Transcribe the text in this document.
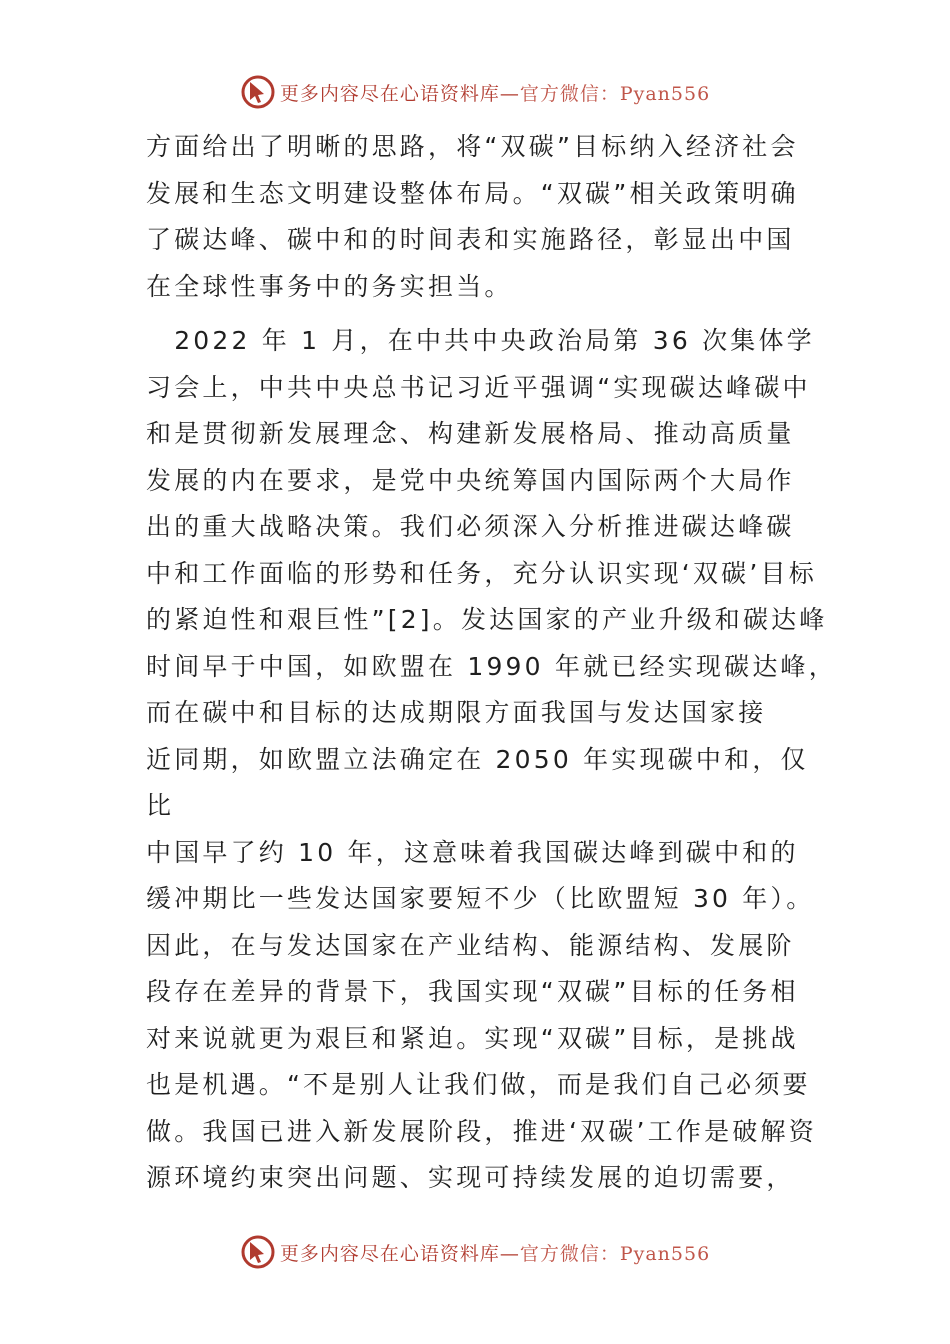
更多内容尽在心语资料库—官方微信：Pyan556
方面给出了明晰的思路，将“双碳”目标纳入经济社会
发展和生态文明建设整体布局。“双碳”相关政策明确
了碳达峰、碳中和的时间表和实施路径，彰显出中国
在全球性事务中的务实担当。
　2022 年 1 月，在中共中央政治局第 36 次集体学
习会上，中共中央总书记习近平强调“实现碳达峰碳中
和是贯彻新发展理念、构建新发展格局、推动高质量
发展的内在要求，是党中央统筹国内国际两个大局作
出的重大战略决策。我们必须深入分析推进碳达峰碳
中和工作面临的形势和任务，充分认识实现‘双碳’目标
的紧迫性和艰巨性”[2]。发达国家的产业升级和碳达峰
时间早于中国，如欧盟在 1990 年就已经实现碳达峰，
而在碳中和目标的达成期限方面我国与发达国家接
近同期，如欧盟立法确定在 2050 年实现碳中和，仅
比
中国早了约 10 年，这意味着我国碳达峰到碳中和的
缓冲期比一些发达国家要短不少（比欧盟短 30 年）。
因此，在与发达国家在产业结构、能源结构、发展阶
段存在差异的背景下，我国实现“双碳”目标的任务相
对来说就更为艰巨和紧迫。实现“双碳”目标，是挑战
也是机遇。“不是别人让我们做，而是我们自己必须要
做。我国已进入新发展阶段，推进‘双碳’工作是破解资
源环境约束突出问题、实现可持续发展的迫切需要，
更多内容尽在心语资料库—官方微信：Pyan556
